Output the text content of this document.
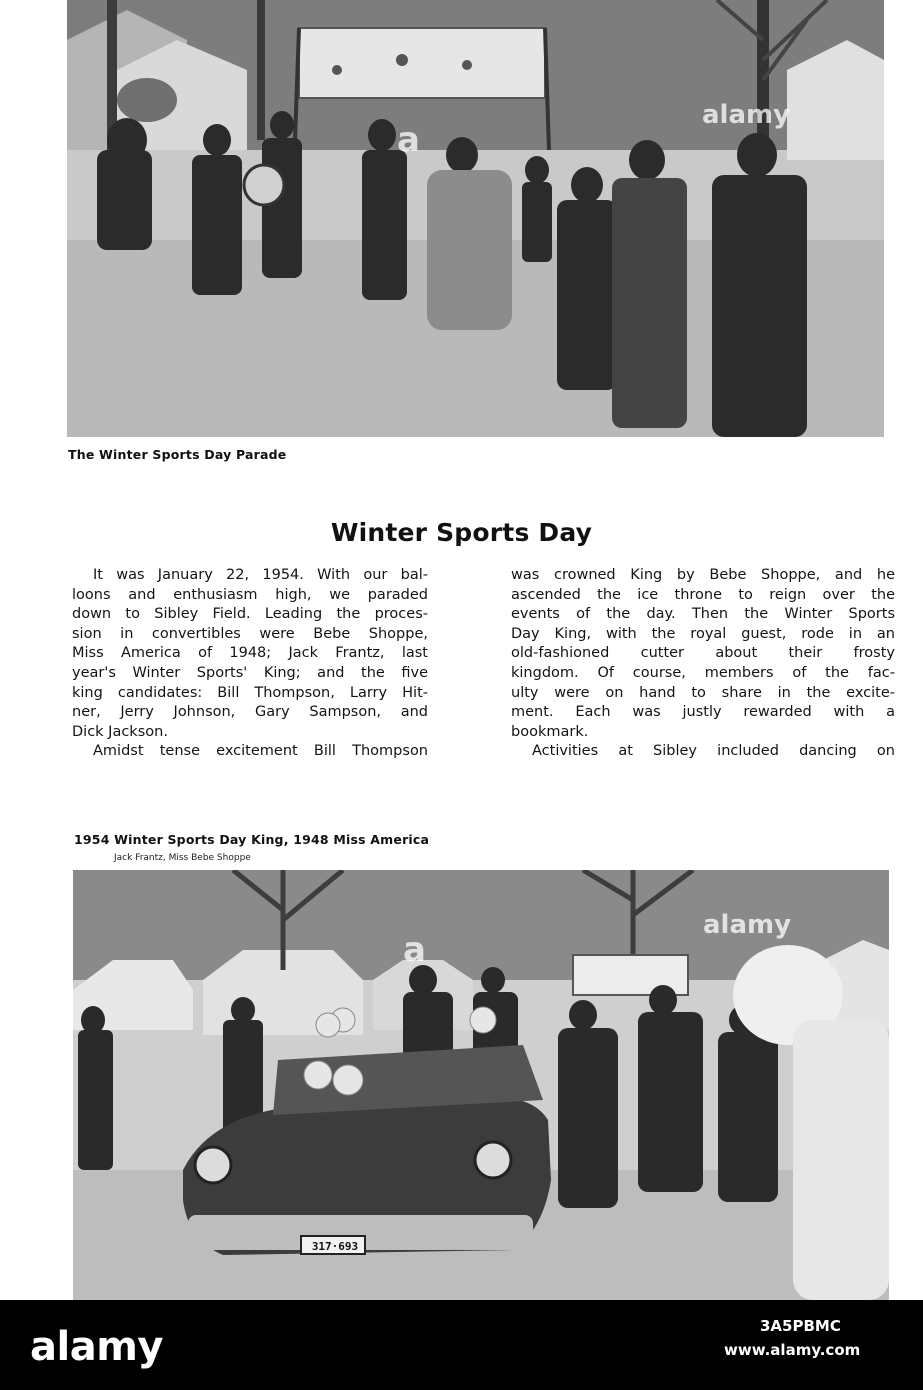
a
alamy
The Winter Sports Day Parade
Winter Sports Day
It was January 22, 1954. With our bal-
loons and enthusiasm high, we paraded
down to Sibley Field. Leading the proces-
sion in convertibles were Bebe Shoppe,
Miss America of 1948; Jack Frantz, last
year's Winter Sports' King; and the five
king candidates: Bill Thompson, Larry Hit-
ner, Jerry Johnson, Gary Sampson, and
Dick Jackson.
Amidst tense excitement Bill Thompson
was crowned King by Bebe Shoppe, and he
ascended the ice throne to reign over the
events of the day. Then the Winter Sports
Day King, with the royal guest, rode in an
old-fashioned cutter about their frosty
kingdom. Of course, members of the fac-
ulty were on hand to share in the excite-
ment. Each was justly rewarded with a
bookmark.
Activities at Sibley included dancing on
1954 Winter Sports Day King, 1948 Miss America
Jack Frantz, Miss Bebe Shoppe
317·693
a
alamy
alamy	3A5PBMC
www.alamy.com
